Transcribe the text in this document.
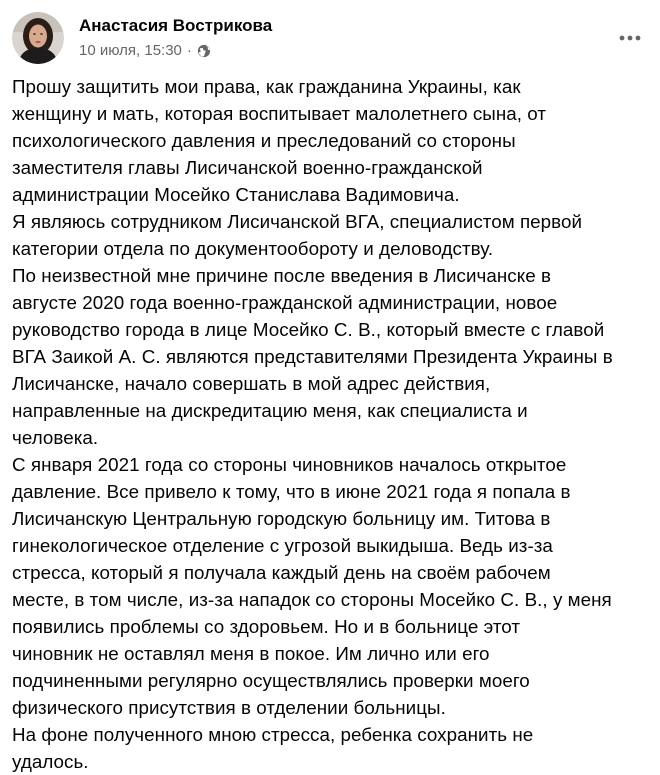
Анастасия Вострикова
10 июля, 15:30 ·

Прошу защитить мои права, как гражданина Украины, как
женщину и мать, которая воспитывает малолетнего сына, от
психологического давления и преследований со стороны
заместителя главы Лисичанской военно-гражданской
администрации Мосейко Станислава Вадимовича.

Я являюсь сотрудником Лисичанской ВГА, специалистом первой
категории отдела по документообороту и деловодству.

По неизвестной мне причине после введения в Лисичанске в
августе 2020 года военно-гражданской администрации, новое
руководство города в лице Мосейко С. В., который вместе с главой
ВГА Заикой А. С. являются представителями Президента Украины в
Лисичанске, начало совершать в мой адрес действия,
направленные на дискредитацию меня, как специалиста и
человека.

С января 2021 года со стороны чиновников началось открытое
давление. Все привело к тому, что в июне 2021 года я попала в
Лисичанскую Центральную городскую больницу им. Титова в
гинекологическое отделение с угрозой выкидыша. Ведь из-за
стресса, который я получала каждый день на своём рабочем
месте, в том числе, из-за нападок со стороны Мосейко С. В., у меня
появились проблемы со здоровьем. Но и в больнице этот
чиновник не оставлял меня в покое. Им лично или его
подчиненными регулярно осуществлялись проверки моего
физического присутствия в отделении больницы.

На фоне полученного мною стресса, ребенка сохранить не
удалось.
